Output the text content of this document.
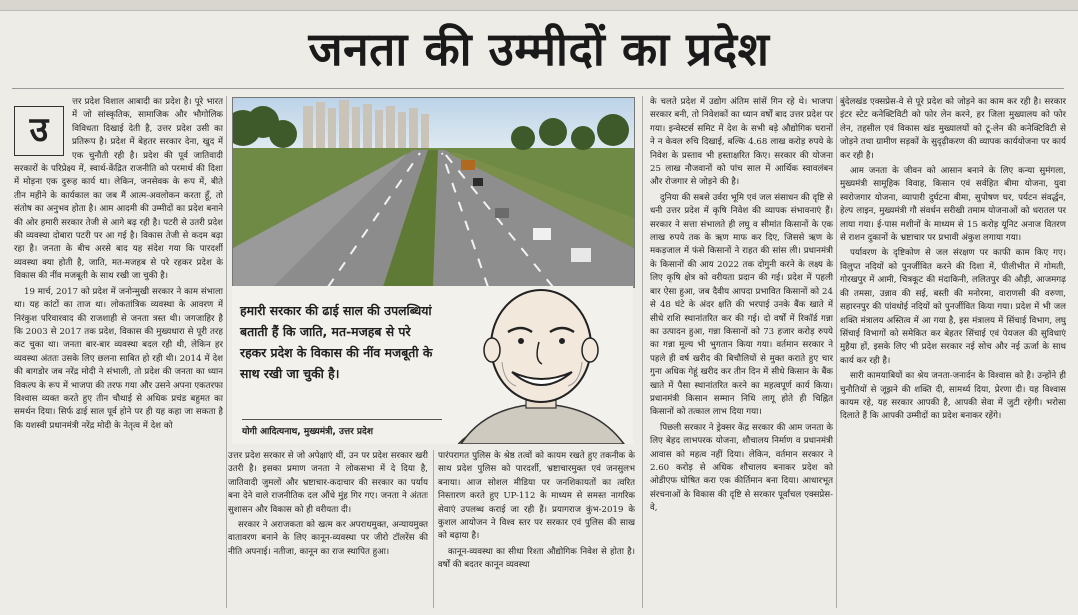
जनता की उम्मीदों का प्रदेश
उ

त्तर प्रदेश विशाल आबादी का प्रदेश है। पूरे भारत में जो सांस्कृतिक, सामाजिक और भौगोलिक विविधता दिखाई देती है, उत्तर प्रदेश उसी का प्रतिरूप है। प्रदेश में बेहतर सरकार देना, खुद में एक चुनौती रही है। प्रदेश की पूर्व जातिवादी सरकारों के परिप्रेक्ष्य में, स्वार्थ-केंद्रित राजनीति को परमार्थ की दिशा में मोड़ना एक दुरूह कार्य था। लेकिन, जनसेवक के रूप में, बीते तीन महीने के कार्यकाल का जब मैं आत्म-अवलोकन करता हूँ, तो संतोष का अनुभव होता है। आम आदमी की उम्मीदों का प्रदेश बनाने की ओर हमारी सरकार तेजी से आगे बढ़ रही है। पटरी से उतरी प्रदेश की व्यवस्था दोबारा पटरी पर आ गई है। विकास तेजी से कदम बढ़ा रहा है। जनता के बीच अरसे बाद यह संदेश गया कि पारदर्शी व्यवस्था क्या होती है, जाति, मत-मजहब से परे रहकर प्रदेश के विकास की नींव मजबूती के साथ रखी जा चुकी है।

19 मार्च, 2017 को प्रदेश में जनोन्मुखी सरकार ने काम संभाला था। यह कांटों का ताज था। लोकतांत्रिक व्यवस्था के आवरण में निरंकुश परिवारवाद की राजशाही से जनता त्रस्त थी। जगजाहिर है कि 2003 से 2017 तक प्रदेश, विकास की मुख्यधारा से पूरी तरह कट चुका था। जनता बार-बार व्यवस्था बदल रही थी, लेकिन हर व्यवस्था अंततः उसके लिए छलना साबित हो रही थी। 2014 में देश की बागडोर जब नरेंद्र मोदी ने संभाली, तो प्रदेश की जनता का ध्यान विकल्प के रूप में भाजपा की तरफ गया और उसने अपना एकतरफा विश्वास व्यक्त करते हुए तीन चौथाई से अधिक प्रचंड बहुमत का समर्थन दिया। सिर्फ ढाई साल पूर्व होने पर ही यह कहा जा सकता है कि यशस्वी प्रधानमंत्री नरेंद्र मोदी के नेतृत्व में देश को

हमारी सरकार की ढाई साल की उपलब्धियां बताती हैं कि जाति, मत-मजहब से परे रहकर प्रदेश के विकास की नींव मजबूती के साथ रखी जा चुकी है।
योगी आदित्यनाथ, मुख्यमंत्री, उत्तर प्रदेश

उत्तर प्रदेश सरकार से जो अपेक्षाएं थीं, उन पर प्रदेश सरकार खरी उतरी है। इसका प्रमाण जनता ने लोकसभा में दे दिया है, जातिवादी जुमलों और भ्रष्टाचार-कदाचार की सरकार का पर्याय बना देने वाले राजनीतिक दल औंधे मुंह गिर गए। जनता ने अंततः सुशासन और विकास को ही वरीयता दी।

सरकार ने अराजकता को खत्म कर अपराधमुक्त, अन्यायमुक्त वातावरण बनाने के लिए कानून-व्यवस्था पर जीरो टॉलरेंस की नीति अपनाई। नतीजा, कानून का राज स्थापित हुआ।

पारंपरागत पुलिस के श्रेष्ठ तत्वों को कायम रखते हुए तकनीक के साथ प्रदेश पुलिस को पारदर्शी, भ्रष्टाचारमुक्त एवं जनसुलभ बनाया। आज सोशल मीडिया पर जनशिकायतों का त्वरित निस्तारण करते हुए UP-112 के माध्यम से समस्त नागरिक सेवाएं उपलब्ध कराई जा रही हैं। प्रयागराज कुंभ-2019 के कुशल आयोजन ने विश्व स्तर पर सरकार एवं पुलिस की साख को बढ़ाया है।

कानून-व्यवस्था का सीधा रिश्ता औद्योगिक निवेश से होता है। वर्षों की बदतर कानून व्यवस्था

के चलते प्रदेश में उद्योग अंतिम सांसें गिन रहे थे। भाजपा सरकार बनी, तो निवेशकों का ध्यान वर्षों बाद उत्तर प्रदेश पर गया। इन्वेस्टर्स समिट में देश के सभी बड़े औद्योगिक घरानों ने न केवल रुचि दिखाई, बल्कि 4.68 लाख करोड़ रुपये के निवेश के प्रस्ताव भी हस्ताक्षरित किए। सरकार की योजना 25 लाख नौजवानों को पांच साल में आर्थिक स्वावलंबन और रोजगार से जोड़ने की है।

दुनिया की सबसे उर्वरा भूमि एवं जल संसाधन की दृष्टि से धनी उत्तर प्रदेश में कृषि निवेश की व्यापक संभावनाएं हैं। सरकार ने सत्ता संभालते ही लघु व सीमांत किसानों के एक लाख रुपये तक के ऋण माफ कर दिए, जिससे ऋण के मकड़जाल में फंसे किसानों ने राहत की सांस ली। प्रधानमंत्री के किसानों की आय 2022 तक दोगुनी करने के लक्ष्य के लिए कृषि क्षेत्र को वरीयता प्रदान की गई। प्रदेश में पहली बार ऐसा हुआ, जब दैवीय आपदा प्रभावित किसानों को 24 से 48 घंटे के अंदर क्षति की भरपाई उनके बैंक खाते में सीधे राशि स्थानांतरित कर की गई। दो वर्षों में रिकॉर्ड गन्ना का उत्पादन हुआ, गन्ना किसानों को 73 हजार करोड़ रुपये का गन्ना मूल्य भी भुगतान किया गया। वर्तमान सरकार ने पहले ही वर्ष खरीद की बिचौलियों से मुक्त कराते हुए चार गुना अधिक गेहूं खरीद कर तीन दिन में सीधे किसान के बैंक खाते में पैसा स्थानांतरित करने का महत्वपूर्ण कार्य किया। प्रधानमंत्री किसान सम्मान निधि लागू होते ही चिह्नित किसानों को तत्काल लाभ दिया गया।

पिछली सरकार ने ड्रेक्सर केंद्र सरकार की आम जनता के लिए बेहद लाभपरक योजना, शौचालय निर्माण व प्रधानमंत्री आवास को महत्व नहीं दिया। लेकिन, वर्तमान सरकार ने 2.60 करोड़ से अधिक शौचालय बनाकर प्रदेश को ओडीएफ घोषित करा एक कीर्तिमान बना दिया। आधारभूत संरचनाओं के विकास की दृष्टि से सरकार पूर्वांचल एक्सप्रेस-वे,

बुंदेलखंड एक्सप्रेस-वे से पूरे प्रदेश को जोड़ने का काम कर रही है। सरकार इंटर स्टेट कनेक्टिविटी को फोर लेन करने, हर जिला मुख्यालय को फोर लेन, तहसील एवं विकास खंड मुख्यालयों को टू-लेन की कनेक्टिविटी से जोड़ने तथा ग्रामीण सड़कों के सुदृढ़ीकरण की व्यापक कार्ययोजना पर कार्य कर रही है।

आम जनता के जीवन को आसान बनाने के लिए कन्या सुमंगला, मुख्यमंत्री सामूहिक विवाह, किसान एवं सर्वहित बीमा योजना, युवा स्वरोजगार योजना, व्यापारी दुर्घटना बीमा, सुपोषण घर, पर्यटन संवर्द्धन, हेल्प लाइन, मुख्यमंत्री गौ संवर्धन सरीखी तमाम योजनाओं को धरातल पर लाया गया। ई-पास मशीनों के माध्यम से 15 करोड़ यूनिट अनाज वितरण से राशन दुकानों के भ्रष्टाचार पर प्रभावी अंकुश लगाया गया।

पर्यावरण के दृष्टिकोण से जल संरक्षण पर काफी काम किए गए। विलुप्त नदियों को पुनर्जीवित करने की दिशा में, पीलीभीत में गोमती, गोरखपुर में आमी, चित्रकूट की मंदाकिनी, ललितपुर की औड़ी, आजमगढ़ की तमसा, उन्नाव की सई, बस्ती की मनोरमा, वाराणसी की वरुणा, सहारनपुर की पांवधोई नदियों को पुनर्जीवित किया गया। प्रदेश में भी जल शक्ति मंत्रालय अस्तित्व में आ गया है, इस मंत्रालय में सिंचाई विभाग, लघु सिंचाई विभागों को समेकित कर बेहतर सिंचाई एवं पेयजल की सुविधाएं मुहैया हों, इसके लिए भी प्रदेश सरकार नई सोच और नई ऊर्जा के साथ कार्य कर रही है।

सारी कामयाबियों का श्रेय जनता-जनार्दन के विश्वास को है। उन्होंने ही चुनौतियों से जूझने की शक्ति दी, सामर्थ्य दिया, प्रेरणा दी। यह विश्वास कायम रहे, यह सरकार आपकी है, आपकी सेवा में जुटी रहेगी। भरोसा दिलाते हैं कि आपकी उम्मीदों का प्रदेश बनाकर रहेंगे।
